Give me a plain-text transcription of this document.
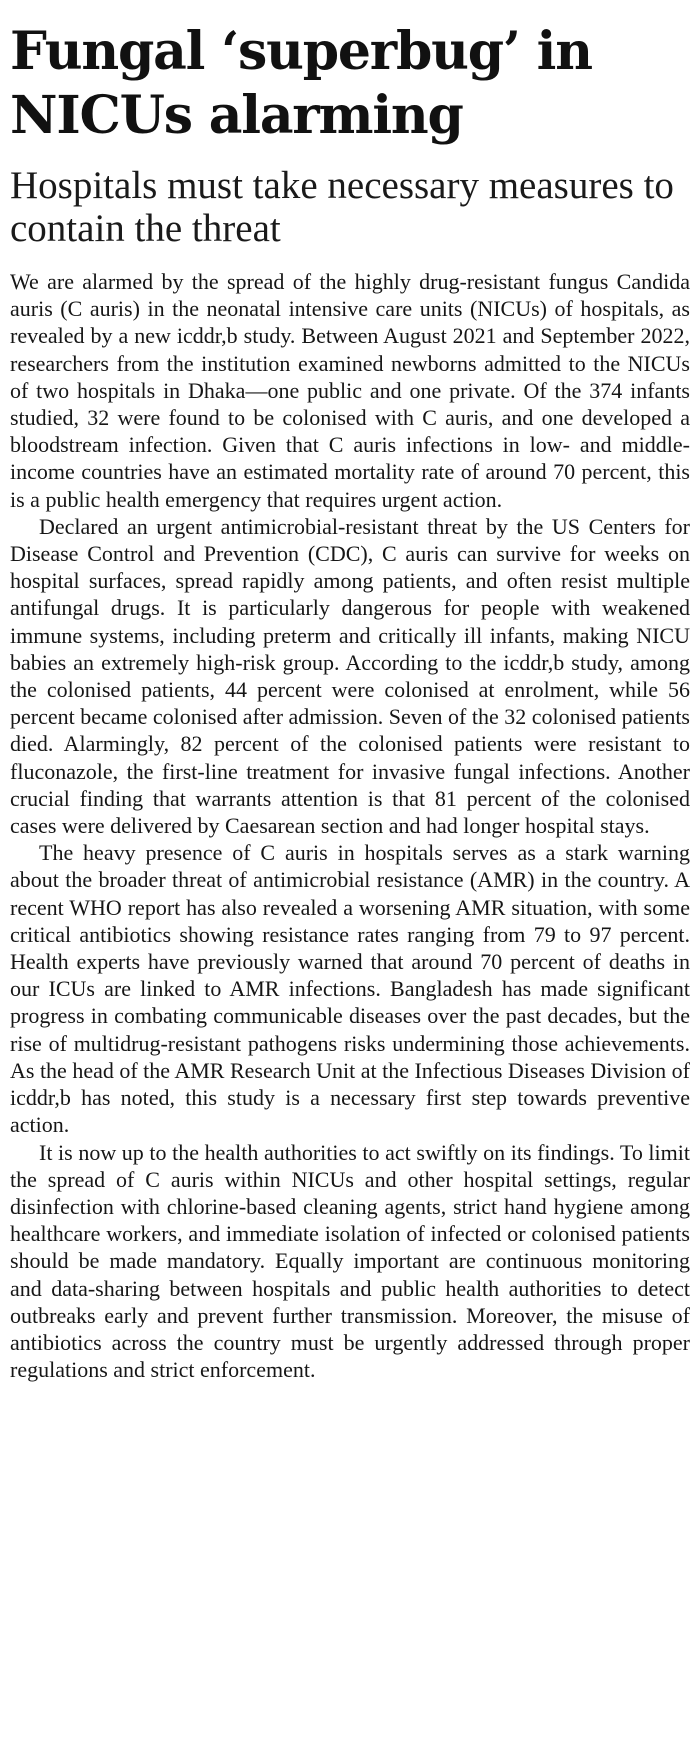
Fungal ‘superbug’ in NICUs alarming
Hospitals must take necessary measures to contain the threat

We are alarmed by the spread of the highly drug-resistant fungus Candida auris (C auris) in the neonatal intensive care units (NICUs) of hospitals, as revealed by a new icddr,b study. Between August 2021 and September 2022, researchers from the institution examined newborns admitted to the NICUs of two hospitals in Dhaka—one public and one private. Of the 374 infants studied, 32 were found to be colonised with C auris, and one developed a bloodstream infection. Given that C auris infections in low- and middle-income countries have an estimated mortality rate of around 70 percent, this is a public health emergency that requires urgent action.

Declared an urgent antimicrobial-resistant threat by the US Centers for Disease Control and Prevention (CDC), C auris can survive for weeks on hospital surfaces, spread rapidly among patients, and often resist multiple antifungal drugs. It is particularly dangerous for people with weakened immune systems, including preterm and critically ill infants, making NICU babies an extremely high-risk group. According to the icddr,b study, among the colonised patients, 44 percent were colonised at enrolment, while 56 percent became colonised after admission. Seven of the 32 colonised patients died. Alarmingly, 82 percent of the colonised patients were resistant to fluconazole, the first-line treatment for invasive fungal infections. Another crucial finding that warrants attention is that 81 percent of the colonised cases were delivered by Caesarean section and had longer hospital stays.

The heavy presence of C auris in hospitals serves as a stark warning about the broader threat of antimicrobial resistance (AMR) in the country. A recent WHO report has also revealed a worsening AMR situation, with some critical antibiotics showing resistance rates ranging from 79 to 97 percent. Health experts have previously warned that around 70 percent of deaths in our ICUs are linked to AMR infections. Bangladesh has made significant progress in combating communicable diseases over the past decades, but the rise of multidrug-resistant pathogens risks undermining those achievements. As the head of the AMR Research Unit at the Infectious Diseases Division of icddr,b has noted, this study is a necessary first step towards preventive action.

It is now up to the health authorities to act swiftly on its findings. To limit the spread of C auris within NICUs and other hospital settings, regular disinfection with chlorine-based cleaning agents, strict hand hygiene among healthcare workers, and immediate isolation of infected or colonised patients should be made mandatory. Equally important are continuous monitoring and data-sharing between hospitals and public health authorities to detect outbreaks early and prevent further transmission. Moreover, the misuse of antibiotics across the country must be urgently addressed through proper regulations and strict enforcement.
